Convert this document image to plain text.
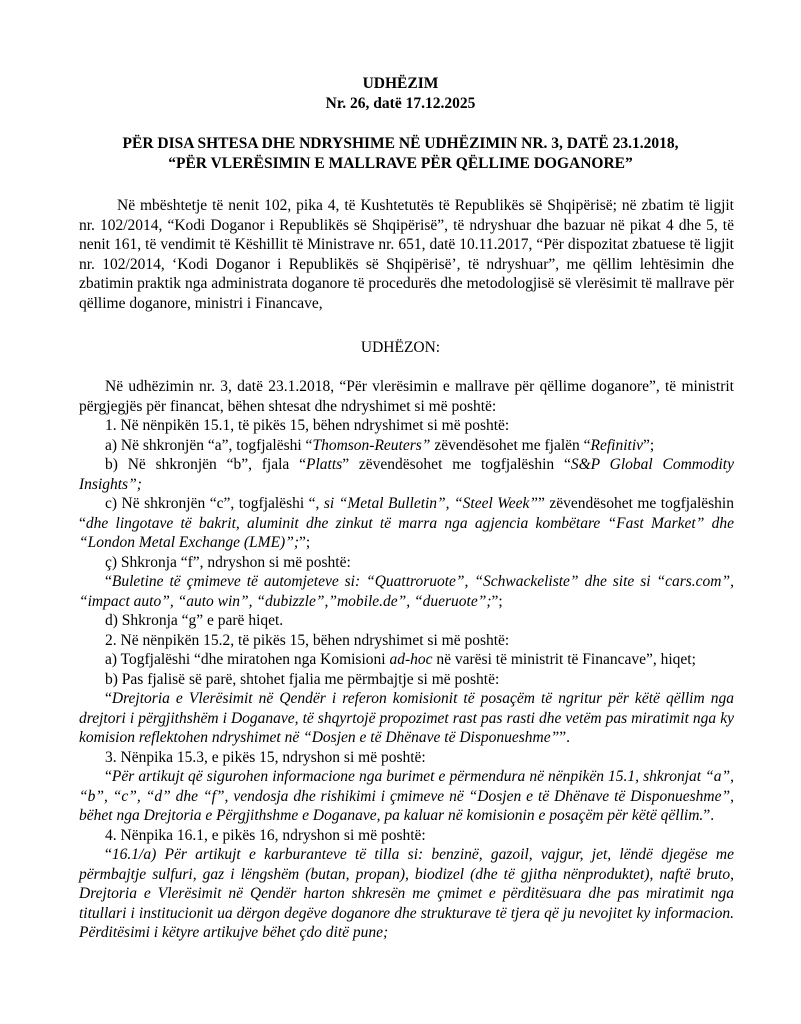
UDHËZIM
Nr. 26, datë 17.12.2025
PËR DISA SHTESA DHE NDRYSHIME NË UDHËZIMIN NR. 3, DATË 23.1.2018,
“PËR VLERËSIMIN E MALLRAVE PËR QËLLIME DOGANORE”
Në mbështetje të nenit 102, pika 4, të Kushtetutës të Republikës së Shqipërisë; në zbatim të ligjit nr. 102/2014, “Kodi Doganor i Republikës së Shqipërisë”, të ndryshuar dhe bazuar në pikat 4 dhe 5, të nenit 161, të vendimit të Këshillit të Ministrave nr. 651, datë 10.11.2017, “Për dispozitat zbatuese të ligjit nr. 102/2014, ‘Kodi Doganor i Republikës së Shqipërisë’, të ndryshuar”, me qëllim lehtësimin dhe zbatimin praktik nga administrata doganore të procedurës dhe metodologjisë së vlerësimit të mallrave për qëllime doganore, ministri i Financave,
UDHËZON:

Në udhëzimin nr. 3, datë 23.1.2018, “Për vlerësimin e mallrave për qëllime doganore”, të ministrit përgjegjës për financat, bëhen shtesat dhe ndryshimet si më poshtë:

1. Në nënpikën 15.1, të pikës 15, bëhen ndryshimet si më poshtë:

a) Në shkronjën “a”, togfjalëshi “Thomson-Reuters” zëvendësohet me fjalën “Refinitiv”;

b) Në shkronjën “b”, fjala “Platts” zëvendësohet me togfjalëshin “S&P Global Commodity Insights”;

c) Në shkronjën “c”, togfjalëshi “, si “Metal Bulletin”, “Steel Week”” zëvendësohet me togfjalëshin “dhe lingotave të bakrit, aluminit dhe zinkut të marra nga agjencia kombëtare “Fast Market” dhe “London Metal Exchange (LME)”;”;

ç) Shkronja “f”, ndryshon si më poshtë:

“Buletine të çmimeve të automjeteve si: “Quattroruote”, “Schwackeliste” dhe site si “cars.com”, “impact auto”, “auto win”, “dubizzle”,”mobile.de”, “dueruote”;”;

d) Shkronja “g” e parë hiqet.

2. Në nënpikën 15.2, të pikës 15, bëhen ndryshimet si më poshtë:

a) Togfjalëshi “dhe miratohen nga Komisioni ad-hoc në varësi të ministrit të Financave”, hiqet;

b) Pas fjalisë së parë, shtohet fjalia me përmbajtje si më poshtë:

“Drejtoria e Vlerësimit në Qendër i referon komisionit të posaçëm të ngritur për këtë qëllim nga drejtori i përgjithshëm i Doganave, të shqyrtojë propozimet rast pas rasti dhe vetëm pas miratimit nga ky komision reflektohen ndryshimet në “Dosjen e të Dhënave të Disponueshme””.

3. Nënpika 15.3, e pikës 15, ndryshon si më poshtë:

“Për artikujt që sigurohen informacione nga burimet e përmendura në nënpikën 15.1, shkronjat “a”, “b”, “c”, “d” dhe “f”, vendosja dhe rishikimi i çmimeve në “Dosjen e të Dhënave të Disponueshme”, bëhet nga Drejtoria e Përgjithshme e Doganave, pa kaluar në komisionin e posaçëm për këtë qëllim.”.

4. Nënpika 16.1, e pikës 16, ndryshon si më poshtë:

“16.1/a) Për artikujt e karburanteve të tilla si: benzinë, gazoil, vajgur, jet, lëndë djegëse me përmbajtje sulfuri, gaz i lëngshëm (butan, propan), biodizel (dhe të gjitha nënproduktet), naftë bruto, Drejtoria e Vlerësimit në Qendër harton shkresën me çmimet e përditësuara dhe pas miratimit nga titullari i institucionit ua dërgon degëve doganore dhe strukturave të tjera që ju nevojitet ky informacion. Përditësimi i këtyre artikujve bëhet çdo ditë pune;
